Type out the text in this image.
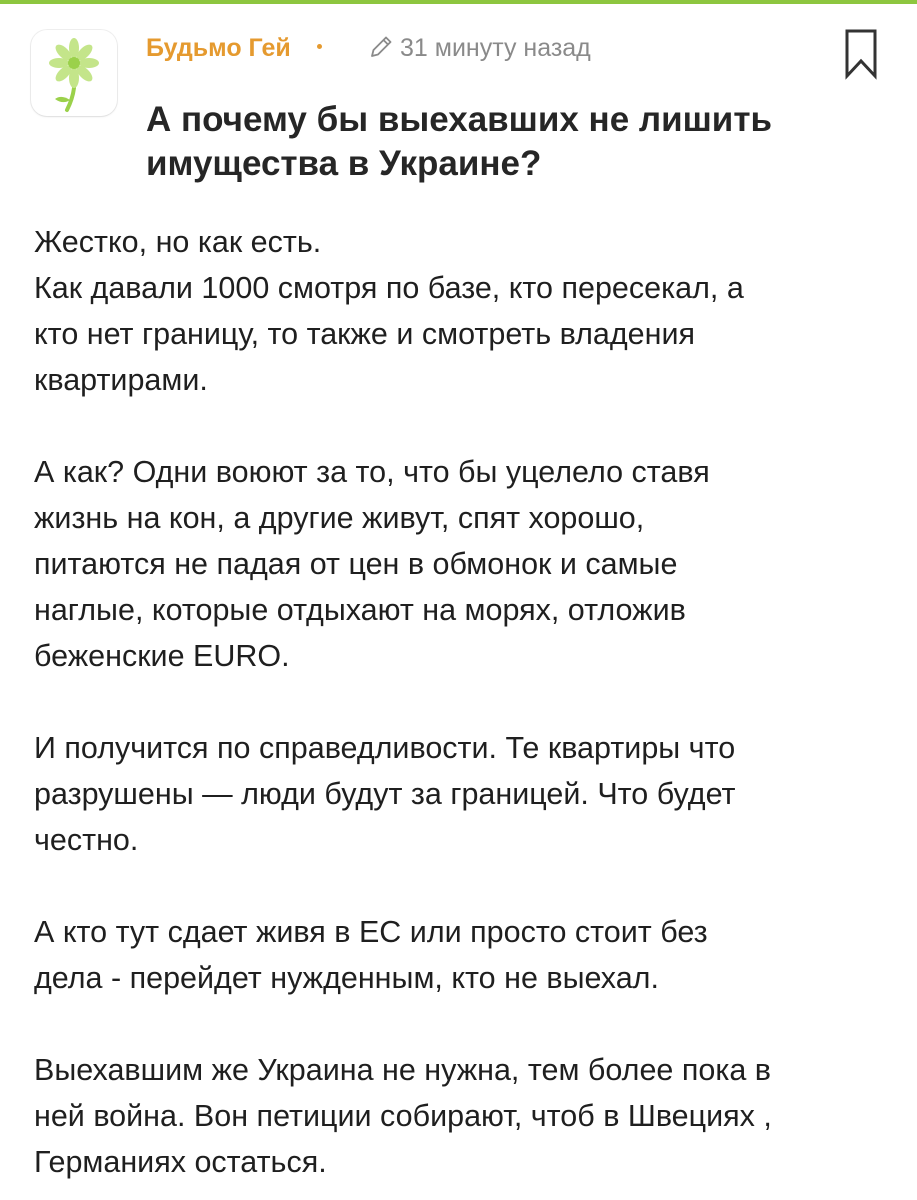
Будьмо Гей	31 минуту назад
А почему бы выехавших не лишить
имущества в Украине?

Жестко, но как есть.
Как давали 1000 смотря по базе, кто пересекал, а
кто нет границу, то также и смотреть владения
квартирами.

А как? Одни воюют за то, что бы уцелело ставя
жизнь на кон, а другие живут, спят хорошо,
питаются не падая от цен в обмонок и самые
наглые, которые отдыхают на морях, отложив
беженские EURO.

И получится по справедливости. Те квартиры что
разрушены — люди будут за границей. Что будет
честно.

А кто тут сдает живя в ЕС или просто стоит без
дела - перейдет нужденным, кто не выехал.

Выехавшим же Украина не нужна, тем более пока в
ней война. Вон петиции собирают, чтоб в Швециях ,
Германиях остаться.
